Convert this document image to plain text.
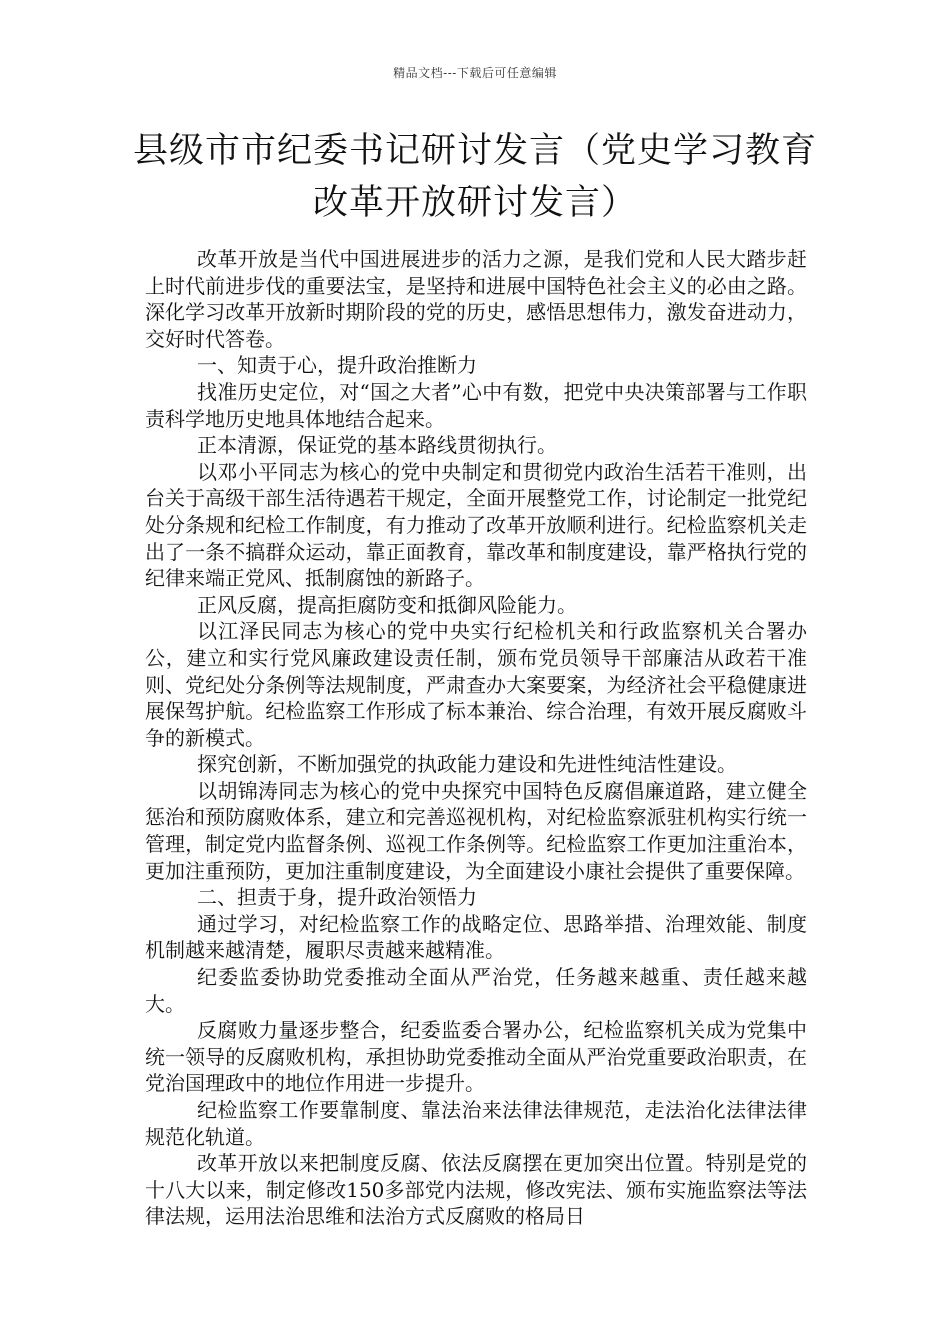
精品文档---下载后可任意编辑
县级市市纪委书记研讨发言（党史学习教育改革开放研讨发言）

改革开放是当代中国进展进步的活力之源，是我们党和人民大踏步赶上时代前进步伐的重要法宝，是坚持和进展中国特色社会主义的必由之路。深化学习改革开放新时期阶段的党的历史，感悟思想伟力，激发奋进动力，交好时代答卷。

一、知责于心，提升政治推断力

找准历史定位，对“国之大者”心中有数，把党中央决策部署与工作职责科学地历史地具体地结合起来。

正本清源，保证党的基本路线贯彻执行。

以邓小平同志为核心的党中央制定和贯彻党内政治生活若干准则，出台关于高级干部生活待遇若干规定，全面开展整党工作，讨论制定一批党纪处分条规和纪检工作制度，有力推动了改革开放顺利进行。纪检监察机关走出了一条不搞群众运动，靠正面教育，靠改革和制度建设，靠严格执行党的纪律来端正党风、抵制腐蚀的新路子。

正风反腐，提高拒腐防变和抵御风险能力。

以江泽民同志为核心的党中央实行纪检机关和行政监察机关合署办公，建立和实行党风廉政建设责任制，颁布党员领导干部廉洁从政若干准则、党纪处分条例等法规制度，严肃查办大案要案，为经济社会平稳健康进展保驾护航。纪检监察工作形成了标本兼治、综合治理，有效开展反腐败斗争的新模式。

探究创新，不断加强党的执政能力建设和先进性纯洁性建设。

以胡锦涛同志为核心的党中央探究中国特色反腐倡廉道路，建立健全惩治和预防腐败体系，建立和完善巡视机构，对纪检监察派驻机构实行统一管理，制定党内监督条例、巡视工作条例等。纪检监察工作更加注重治本，更加注重预防，更加注重制度建设，为全面建设小康社会提供了重要保障。

二、担责于身，提升政治领悟力

通过学习，对纪检监察工作的战略定位、思路举措、治理效能、制度机制越来越清楚，履职尽责越来越精准。

纪委监委协助党委推动全面从严治党，任务越来越重、责任越来越大。

反腐败力量逐步整合，纪委监委合署办公，纪检监察机关成为党集中统一领导的反腐败机构，承担协助党委推动全面从严治党重要政治职责，在党治国理政中的地位作用进一步提升。

纪检监察工作要靠制度、靠法治来法律法律规范，走法治化法律法律规范化轨道。

改革开放以来把制度反腐、依法反腐摆在更加突出位置。特别是党的十八大以来，制定修改150多部党内法规，修改宪法、颁布实施监察法等法律法规，运用法治思维和法治方式反腐败的格局日
